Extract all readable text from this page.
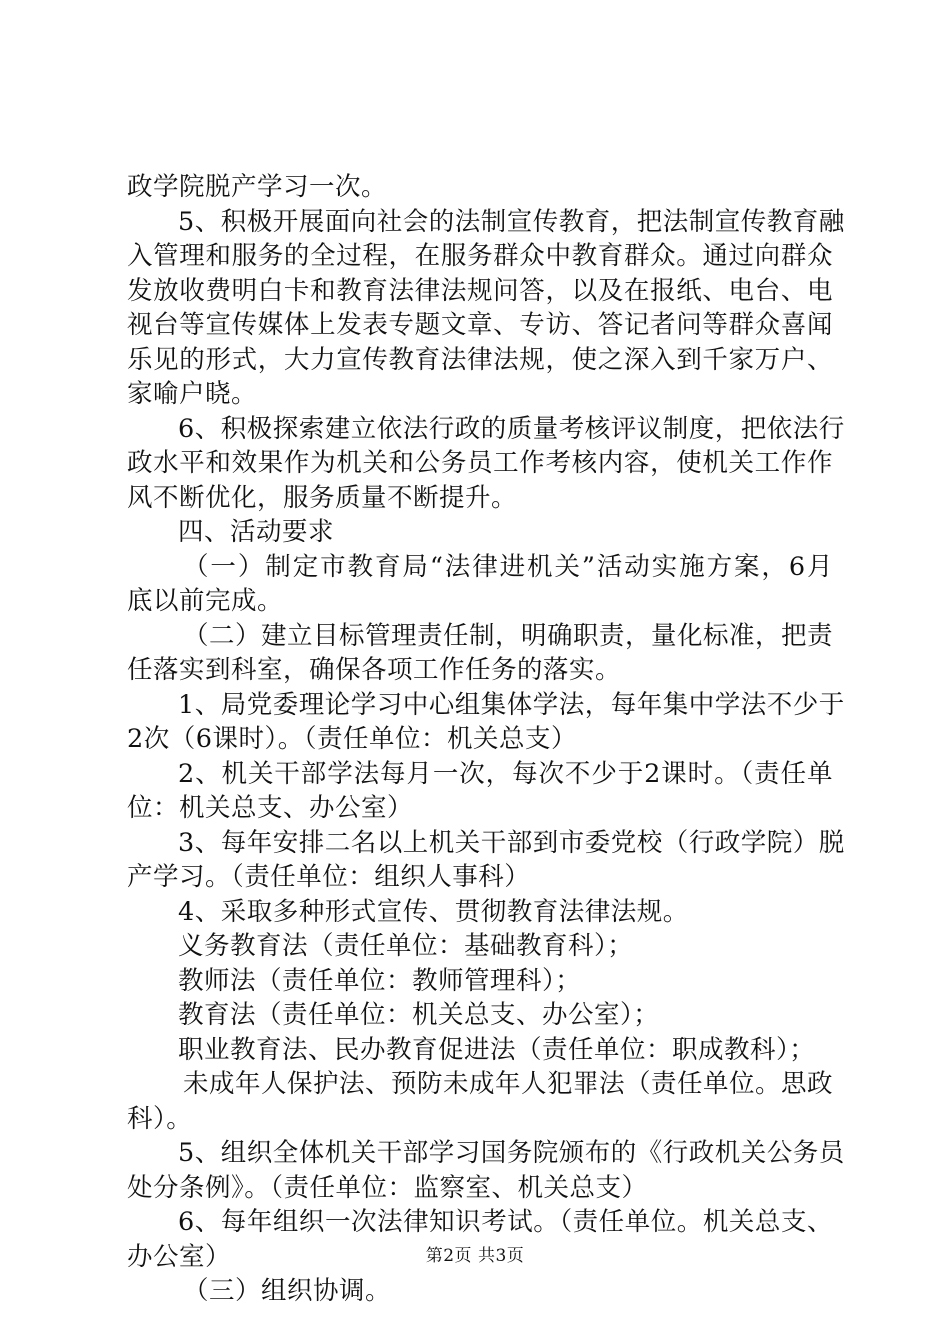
政学院脱产学习一次。
5、积极开展面向社会的法制宣传教育，把法制宣传教育融
入管理和服务的全过程，在服务群众中教育群众。通过向群众
发放收费明白卡和教育法律法规问答，以及在报纸、电台、电
视台等宣传媒体上发表专题文章、专访、答记者问等群众喜闻
乐见的形式，大力宣传教育法律法规，使之深入到千家万户、
家喻户晓。
6、积极探索建立依法行政的质量考核评议制度，把依法行
政水平和效果作为机关和公务员工作考核内容，使机关工作作
风不断优化，服务质量不断提升。
四、活动要求
（一）制定市教育局“法律进机关”活动实施方案，6月
底以前完成。
（二）建立目标管理责任制，明确职责，量化标准，把责
任落实到科室，确保各项工作任务的落实。
1、局党委理论学习中心组集体学法，每年集中学法不少于
2次（6课时）。（责任单位：机关总支）
2、机关干部学法每月一次，每次不少于2课时。（责任单
位：机关总支、办公室）
3、每年安排二名以上机关干部到市委党校（行政学院）脱
产学习。（责任单位：组织人事科）
4、采取多种形式宣传、贯彻教育法律法规。
义务教育法（责任单位：基础教育科）；
教师法（责任单位：教师管理科）；
教育法（责任单位：机关总支、办公室）；
职业教育法、民办教育促进法（责任单位：职成教科）；
未成年人保护法、预防未成年人犯罪法（责任单位。思政
科）。
5、组织全体机关干部学习国务院颁布的《行政机关公务员
处分条例》。（责任单位：监察室、机关总支）
6、每年组织一次法律知识考试。（责任单位。机关总支、
办公室）
（三）组织协调。
第2页 共3页
